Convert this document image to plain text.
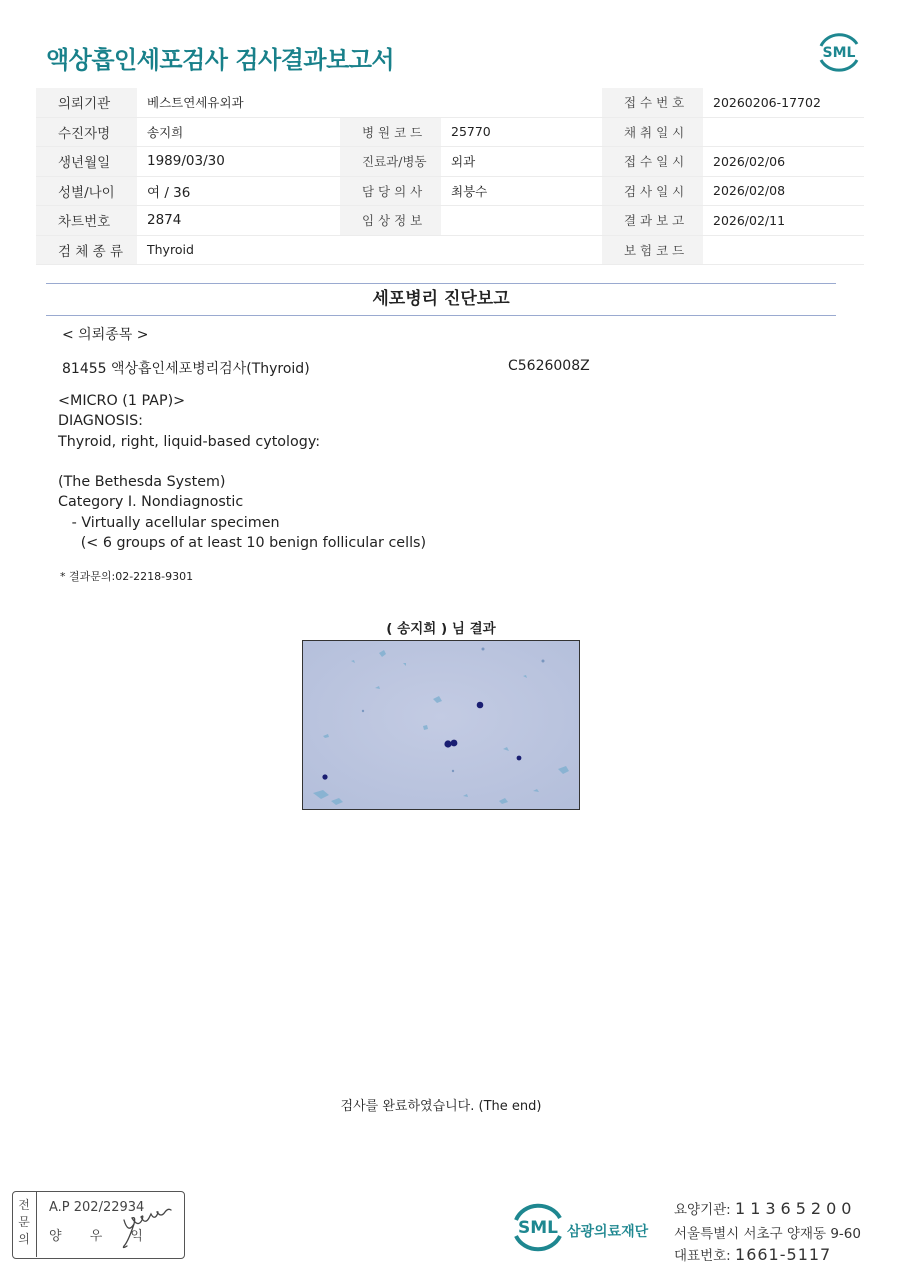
액상흡인세포검사 검사결과보고서	SML
의뢰기관	베스트연세유외과			접 수 번 호	20260206-17702
수진자명	송지희	병 원 코 드	25770	채 취 일 시	
생년월일	1989/03/30	진료과/병동	외과	접 수 일 시	2026/02/06
성별/나이	여 / 36	담 당 의 사	최붕수	검 사 일 시	2026/02/08
차트번호	2874	임 상 정 보		결 과 보 고	2026/02/11
검 체 종 류	Thyroid			보 험 코 드	
세포병리 진단보고
< 의뢰종목 >
81455 액상흡인세포병리검사(Thyroid)	C5626008Z
<MICRO (1 PAP)>
DIAGNOSIS:
Thyroid, right, liquid-based cytology:

(The Bethesda System)
Category I. Nondiagnostic
- Virtually acellular specimen
(< 6 groups of at least 10 benign follicular cells)
* 결과문의:02-2218-9301
( 송지희 ) 님 결과
검사를 완료하였습니다. (The end)
전
문
의
A.P 202/22934
양 우 익	SML 삼광의료재단
요양기관: 11365200
서울특별시 서초구 양재동 9-60
대표번호: 1661-5117
